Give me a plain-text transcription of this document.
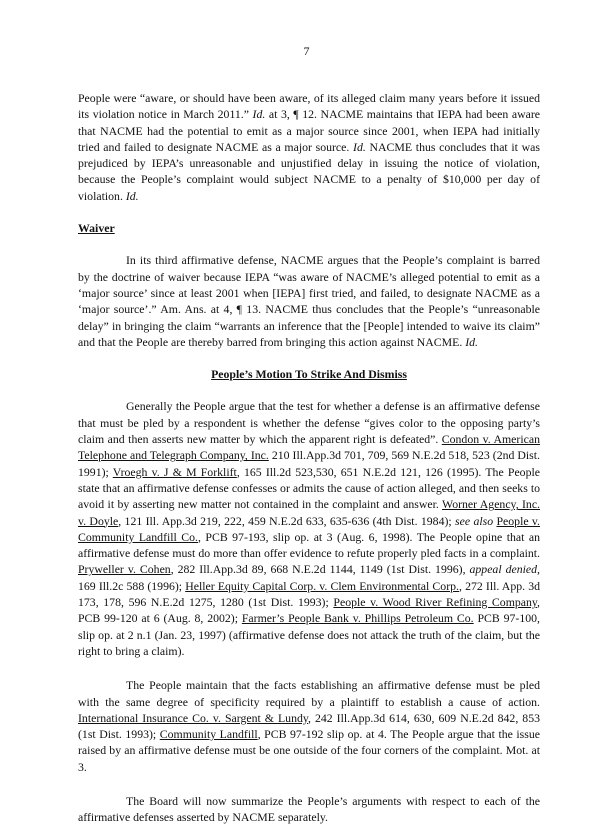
7

People were “aware, or should have been aware, of its alleged claim many years before it issued its violation notice in March 2011.” Id. at 3, ¶ 12. NACME maintains that IEPA had been aware that NACME had the potential to emit as a major source since 2001, when IEPA had initially tried and failed to designate NACME as a major source. Id. NACME thus concludes that it was prejudiced by IEPA’s unreasonable and unjustified delay in issuing the notice of violation, because the People’s complaint would subject NACME to a penalty of $10,000 per day of violation. Id.

Waiver

In its third affirmative defense, NACME argues that the People’s complaint is barred by the doctrine of waiver because IEPA “was aware of NACME’s alleged potential to emit as a ‘major source’ since at least 2001 when [IEPA] first tried, and failed, to designate NACME as a ‘major source’.” Am. Ans. at 4, ¶ 13. NACME thus concludes that the People’s “unreasonable delay” in bringing the claim “warrants an inference that the [People] intended to waive its claim” and that the People are thereby barred from bringing this action against NACME. Id.

People’s Motion To Strike And Dismiss

Generally the People argue that the test for whether a defense is an affirmative defense that must be pled by a respondent is whether the defense “gives color to the opposing party’s claim and then asserts new matter by which the apparent right is defeated”. Condon v. American Telephone and Telegraph Company, Inc. 210 Ill.App.3d 701, 709, 569 N.E.2d 518, 523 (2nd Dist. 1991); Vroegh v. J & M Forklift, 165 Ill.2d 523,530, 651 N.E.2d 121, 126 (1995). The People state that an affirmative defense confesses or admits the cause of action alleged, and then seeks to avoid it by asserting new matter not contained in the complaint and answer. Worner Agency, Inc. v. Doyle, 121 Ill. App.3d 219, 222, 459 N.E.2d 633, 635-636 (4th Dist. 1984); see also People v. Community Landfill Co., PCB 97-193, slip op. at 3 (Aug. 6, 1998). The People opine that an affirmative defense must do more than offer evidence to refute properly pled facts in a complaint. Pryweller v. Cohen, 282 Ill.App.3d 89, 668 N.E.2d 1144, 1149 (1st Dist. 1996), appeal denied, 169 Ill.2c 588 (1996); Heller Equity Capital Corp. v. Clem Environmental Corp., 272 Ill. App. 3d 173, 178, 596 N.E.2d 1275, 1280 (1st Dist. 1993); People v. Wood River Refining Company, PCB 99-120 at 6 (Aug. 8, 2002); Farmer’s People Bank v. Phillips Petroleum Co. PCB 97-100, slip op. at 2 n.1 (Jan. 23, 1997) (affirmative defense does not attack the truth of the claim, but the right to bring a claim).

The People maintain that the facts establishing an affirmative defense must be pled with the same degree of specificity required by a plaintiff to establish a cause of action. International Insurance Co. v. Sargent & Lundy, 242 Ill.App.3d 614, 630, 609 N.E.2d 842, 853 (1st Dist. 1993); Community Landfill, PCB 97-192 slip op. at 4. The People argue that the issue raised by an affirmative defense must be one outside of the four corners of the complaint. Mot. at 3.

The Board will now summarize the People’s arguments with respect to each of the affirmative defenses asserted by NACME separately.
